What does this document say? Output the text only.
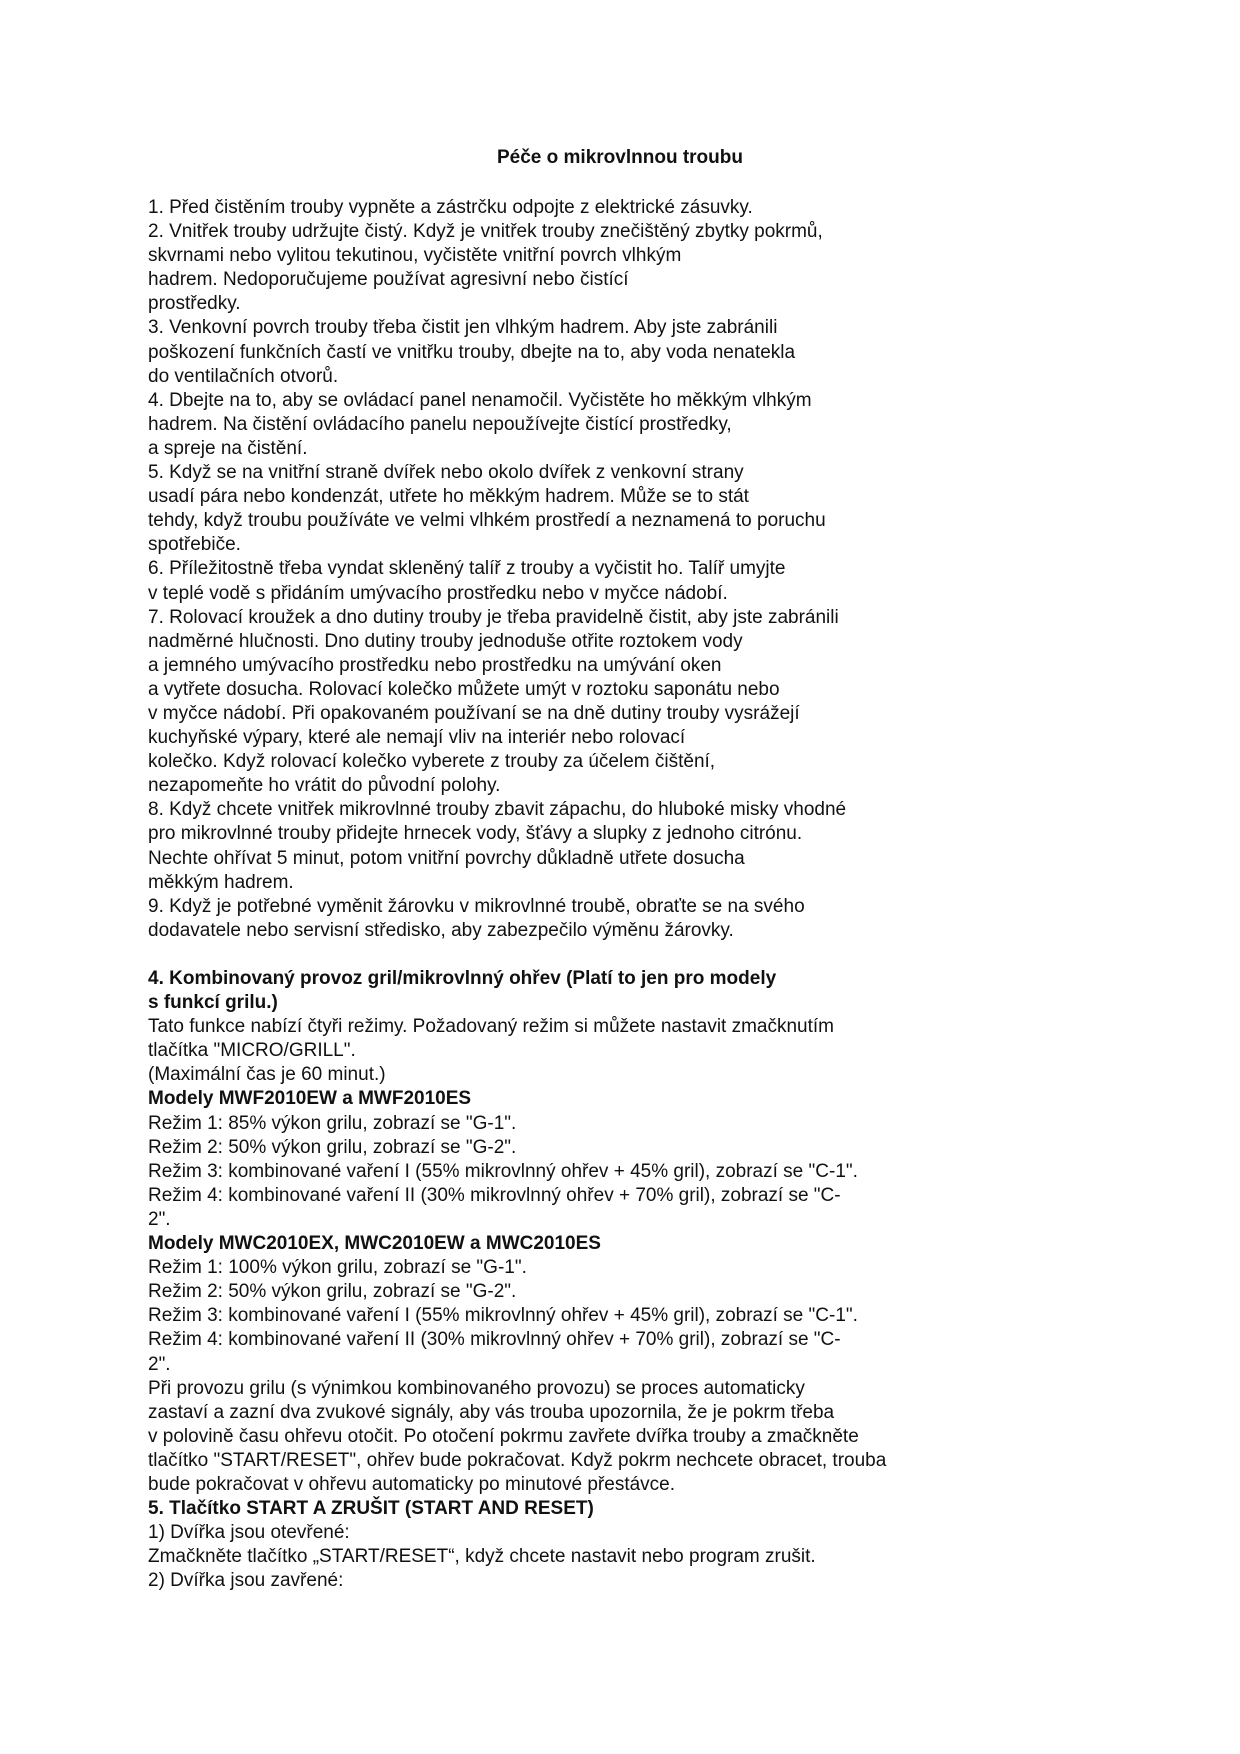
Péče o mikrovlnnou troubu
1. Před čistěním trouby vypněte a zástrčku odpojte z elektrické zásuvky.
2. Vnitřek trouby udržujte čistý. Když je vnitřek trouby znečištěný zbytky pokrmů,
skvrnami nebo vylitou tekutinou, vyčistěte vnitřní povrch vlhkým
hadrem. Nedoporučujeme používat agresivní nebo čistící
prostředky.
3. Venkovní povrch trouby třeba čistit jen vlhkým hadrem. Aby jste zabránili
poškození funkčních častí ve vnitřku trouby, dbejte na to, aby voda nenatekla
do ventilačních otvorů.
4. Dbejte na to, aby se ovládací panel nenamočil. Vyčistěte ho měkkým vlhkým
hadrem. Na čistění ovládacího panelu nepoužívejte čistící prostředky,
a spreje na čistění.
5. Když se na vnitřní straně dvířek nebo okolo dvířek z venkovní strany
usadí pára nebo kondenzát, utřete ho měkkým hadrem. Může se to stát
tehdy, když troubu používáte ve velmi vlhkém prostředí a neznamená to poruchu
spotřebiče.
6. Příležitostně třeba vyndat skleněný talíř z trouby a vyčistit ho. Talíř umyjte
v teplé vodě s přidáním umývacího prostředku nebo v myčce nádobí.
7. Rolovací kroužek a dno dutiny trouby je třeba pravidelně čistit, aby jste zabránili
nadměrné hlučnosti. Dno dutiny trouby jednoduše otřite roztokem vody
a jemného umývacího prostředku nebo prostředku na umývání oken
a vytřete dosucha. Rolovací kolečko můžete umýt v roztoku saponátu nebo
v myčce nádobí. Při opakovaném používaní se na dně dutiny trouby vysrážejí
kuchyňské výpary, které ale nemají vliv na interiér nebo rolovací
kolečko. Když rolovací kolečko vyberete z trouby za účelem čištění,
nezapomeňte ho vrátit do původní polohy.
8. Když chcete vnitřek mikrovlnné trouby zbavit zápachu, do hluboké misky vhodné
pro mikrovlnné trouby přidejte hrnecek vody, šťávy a slupky z jednoho citrónu.
Nechte ohřívat 5 minut, potom vnitřní povrchy důkladně utřete dosucha
měkkým hadrem.
9. Když je potřebné vyměnit žárovku v mikrovlnné troubě, obraťte se na svého
dodavatele nebo servisní středisko, aby zabezpečilo výměnu žárovky.
4. Kombinovaný provoz gril/mikrovlnný ohřev (Platí to jen pro modely
s funkcí grilu.)
Tato funkce nabízí čtyři režimy. Požadovaný režim si můžete nastavit zmačknutím
tlačítka "MICRO/GRILL".
(Maximální čas je 60 minut.)
Modely MWF2010EW a MWF2010ES
Režim 1: 85% výkon grilu, zobrazí se "G-1".
Režim 2: 50% výkon grilu, zobrazí se "G-2".
Režim 3: kombinované vaření I (55% mikrovlnný ohřev + 45% gril), zobrazí se "C-1".
Režim 4: kombinované vaření II (30% mikrovlnný ohřev + 70% gril), zobrazí se "C-
2".
Modely MWC2010EX, MWC2010EW a MWC2010ES
Režim 1: 100% výkon grilu, zobrazí se "G-1".
Režim 2: 50% výkon grilu, zobrazí se "G-2".
Režim 3: kombinované vaření I (55% mikrovlnný ohřev + 45% gril), zobrazí se "C-1".
Režim 4: kombinované vaření II (30% mikrovlnný ohřev + 70% gril), zobrazí se "C-
2".
Při provozu grilu (s výnimkou kombinovaného provozu) se proces automaticky
zastaví a zazní dva zvukové signály, aby vás trouba upozornila, že je pokrm třeba
v polovině času ohřevu otočit. Po otočení pokrmu zavřete dvířka trouby a zmačkněte
tlačítko "START/RESET", ohřev bude pokračovat. Když pokrm nechcete obracet, trouba
bude pokračovat v ohřevu automaticky po minutové přestávce.
5. Tlačítko START A ZRUŠIT (START AND RESET)
1) Dvířka jsou otevřené:
Zmačkněte tlačítko „START/RESET“, když chcete nastavit nebo program zrušit.
2) Dvířka jsou zavřené:
